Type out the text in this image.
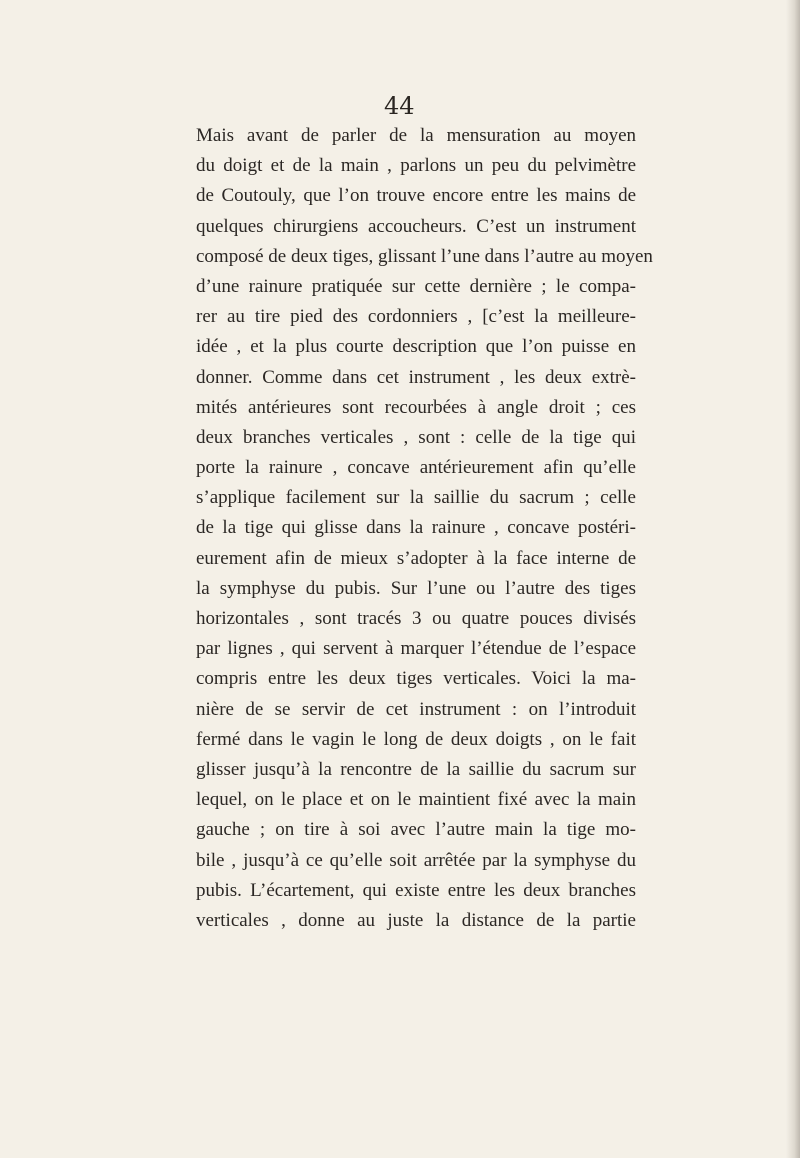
44
Mais avant de parler de la mensuration au moyen
du doigt et de la main , parlons un peu du pelvimètre
de Coutouly, que l’on trouve encore entre les mains de
quelques chirurgiens accoucheurs. C’est un instrument
composé de deux tiges, glissant l’une dans l’autre au moyen
d’une rainure pratiquée sur cette dernière ; le compa-
rer au tire pied des cordonniers , [c’est la meilleure-
idée , et la plus courte description que l’on puisse en
donner. Comme dans cet instrument , les deux extrè-
mités antérieures sont recourbées à angle droit ; ces
deux branches verticales , sont : celle de la tige qui
porte la rainure , concave antérieurement afin qu’elle
s’applique facilement sur la saillie du sacrum ; celle
de la tige qui glisse dans la rainure , concave postéri-
eurement afin de mieux s’adopter à la face interne de
la symphyse du pubis. Sur l’une ou l’autre des tiges
horizontales , sont tracés 3 ou quatre pouces divisés
par lignes , qui servent à marquer l’étendue de l’espace
compris entre les deux tiges verticales. Voici la ma-
nière de se servir de cet instrument : on l’introduit
fermé dans le vagin le long de deux doigts , on le fait
glisser jusqu’à la rencontre de la saillie du sacrum sur
lequel, on le place et on le maintient fixé avec la main
gauche ; on tire à soi avec l’autre main la tige mo-
bile , jusqu’à ce qu’elle soit arrêtée par la symphyse du
pubis. L’écartement, qui existe entre les deux branches
verticales , donne au juste la distance de la partie
